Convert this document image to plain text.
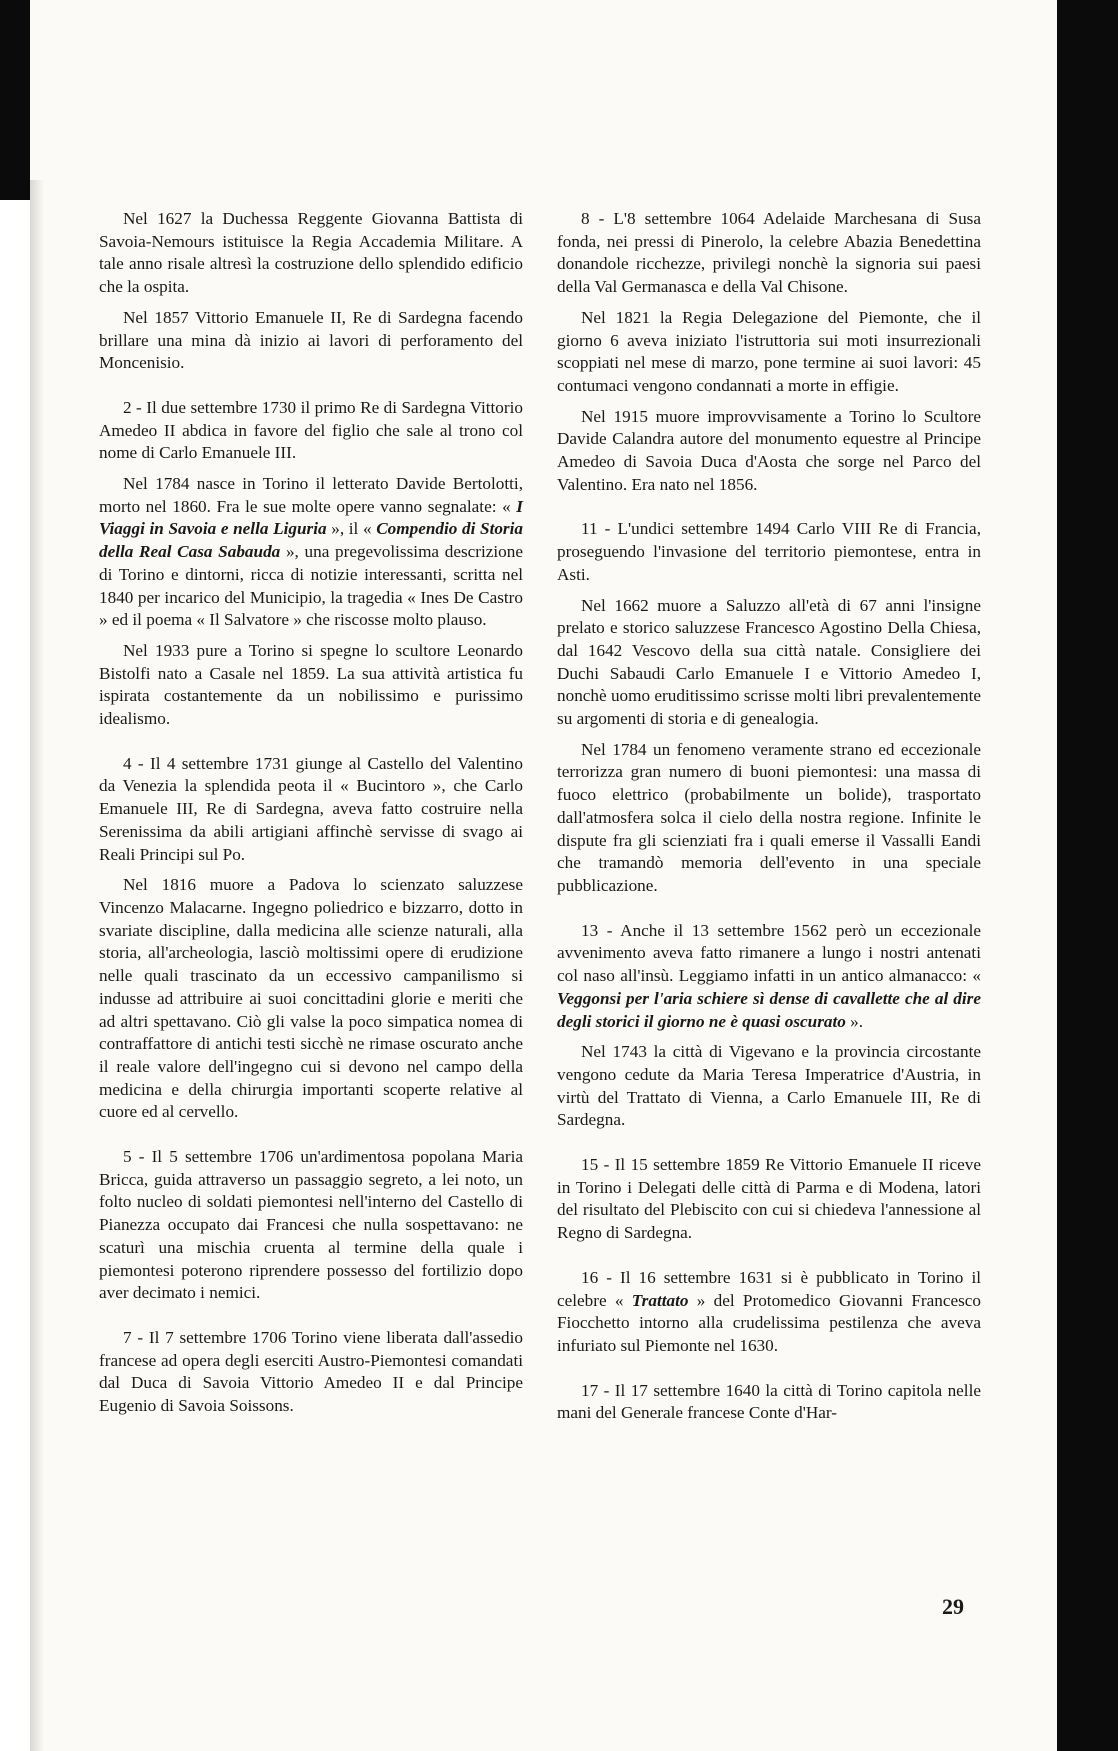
Nel 1627 la Duchessa Reggente Giovanna Battista di Savoia-Nemours istituisce la Regia Accademia Militare. A tale anno risale altresì la costruzione dello splendido edificio che la ospita.

Nel 1857 Vittorio Emanuele II, Re di Sardegna facendo brillare una mina dà inizio ai lavori di perforamento del Moncenisio.

2 - Il due settembre 1730 il primo Re di Sardegna Vittorio Amedeo II abdica in favore del figlio che sale al trono col nome di Carlo Emanuele III.

Nel 1784 nasce in Torino il letterato Davide Bertolotti, morto nel 1860. Fra le sue molte opere vanno segnalate: « I Viaggi in Savoia e nella Liguria », il « Compendio di Storia della Real Casa Sabauda », una pregevolissima descrizione di Torino e dintorni, ricca di notizie interessanti, scritta nel 1840 per incarico del Municipio, la tragedia « Ines De Castro » ed il poema « Il Salvatore » che riscosse molto plauso.

Nel 1933 pure a Torino si spegne lo scultore Leonardo Bistolfi nato a Casale nel 1859. La sua attività artistica fu ispirata costantemente da un nobilissimo e purissimo idealismo.

4 - Il 4 settembre 1731 giunge al Castello del Valentino da Venezia la splendida peota il « Bucintoro », che Carlo Emanuele III, Re di Sardegna, aveva fatto costruire nella Serenissima da abili artigiani affinchè servisse di svago ai Reali Principi sul Po.

Nel 1816 muore a Padova lo scienzato saluzzese Vincenzo Malacarne. Ingegno poliedrico e bizzarro, dotto in svariate discipline, dalla medicina alle scienze naturali, alla storia, all'archeologia, lasciò moltissimi opere di erudizione nelle quali trascinato da un eccessivo campanilismo si indusse ad attribuire ai suoi concittadini glorie e meriti che ad altri spettavano. Ciò gli valse la poco simpatica nomea di contraffattore di antichi testi sicchè ne rimase oscurato anche il reale valore dell'ingegno cui si devono nel campo della medicina e della chirurgia importanti scoperte relative al cuore ed al cervello.

5 - Il 5 settembre 1706 un'ardimentosa popolana Maria Bricca, guida attraverso un passaggio segreto, a lei noto, un folto nucleo di soldati piemontesi nell'interno del Castello di Pianezza occupato dai Francesi che nulla sospettavano: ne scaturì una mischia cruenta al termine della quale i piemontesi poterono riprendere possesso del fortilizio dopo aver decimato i nemici.

7 - Il 7 settembre 1706 Torino viene liberata dall'assedio francese ad opera degli eserciti Austro-Piemontesi comandati dal Duca di Savoia Vittorio Amedeo II e dal Principe Eugenio di Savoia Soissons.

8 - L'8 settembre 1064 Adelaide Marchesana di Susa fonda, nei pressi di Pinerolo, la celebre Abazia Benedettina donandole ricchezze, privilegi nonchè la signoria sui paesi della Val Germanasca e della Val Chisone.

Nel 1821 la Regia Delegazione del Piemonte, che il giorno 6 aveva iniziato l'istruttoria sui moti insurrezionali scoppiati nel mese di marzo, pone termine ai suoi lavori: 45 contumaci vengono condannati a morte in effigie.

Nel 1915 muore improvvisamente a Torino lo Scultore Davide Calandra autore del monumento equestre al Principe Amedeo di Savoia Duca d'Aosta che sorge nel Parco del Valentino. Era nato nel 1856.

11 - L'undici settembre 1494 Carlo VIII Re di Francia, proseguendo l'invasione del territorio piemontese, entra in Asti.

Nel 1662 muore a Saluzzo all'età di 67 anni l'insigne prelato e storico saluzzese Francesco Agostino Della Chiesa, dal 1642 Vescovo della sua città natale. Consigliere dei Duchi Sabaudi Carlo Emanuele I e Vittorio Amedeo I, nonchè uomo eruditissimo scrisse molti libri prevalentemente su argomenti di storia e di genealogia.

Nel 1784 un fenomeno veramente strano ed eccezionale terrorizza gran numero di buoni piemontesi: una massa di fuoco elettrico (probabilmente un bolide), trasportato dall'atmosfera solca il cielo della nostra regione. Infinite le dispute fra gli scienziati fra i quali emerse il Vassalli Eandi che tramandò memoria dell'evento in una speciale pubblicazione.

13 - Anche il 13 settembre 1562 però un eccezionale avvenimento aveva fatto rimanere a lungo i nostri antenati col naso all'insù. Leggiamo infatti in un antico almanacco: « Veggonsi per l'aria schiere sì dense di cavallette che al dire degli storici il giorno ne è quasi oscurato ».

Nel 1743 la città di Vigevano e la provincia circostante vengono cedute da Maria Teresa Imperatrice d'Austria, in virtù del Trattato di Vienna, a Carlo Emanuele III, Re di Sardegna.

15 - Il 15 settembre 1859 Re Vittorio Emanuele II riceve in Torino i Delegati delle città di Parma e di Modena, latori del risultato del Plebiscito con cui si chiedeva l'annessione al Regno di Sardegna.

16 - Il 16 settembre 1631 si è pubblicato in Torino il celebre « Trattato » del Protomedico Giovanni Francesco Fiocchetto intorno alla crudelissima pestilenza che aveva infuriato sul Piemonte nel 1630.

17 - Il 17 settembre 1640 la città di Torino capitola nelle mani del Generale francese Conte d'Har-

29
